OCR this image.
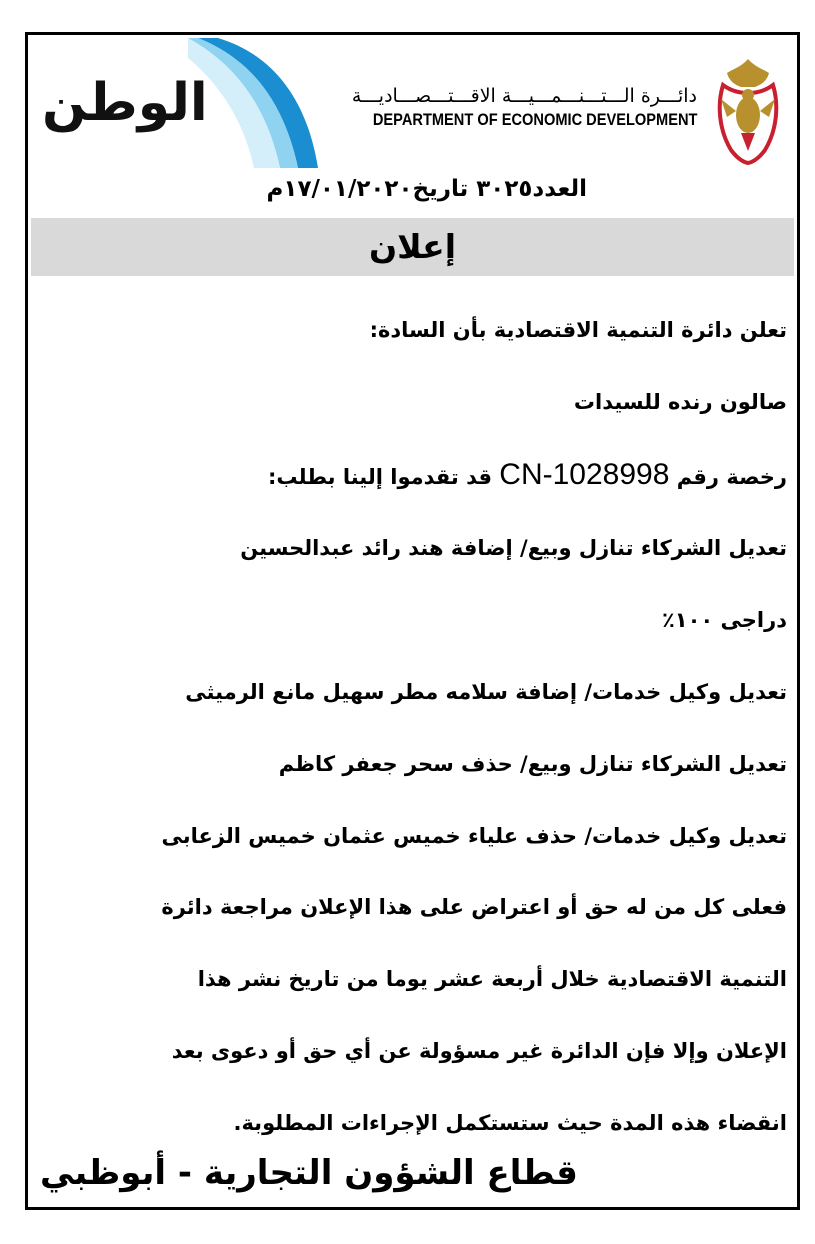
الوطن	دائـــرة الـــتـــنـــمـــيـــة الاقـــتـــصـــاديـــة
DEPARTMENT OF ECONOMIC DEVELOPMENT
العدد٣٠٢٥ تاريخ١٧/٠١/٢٠٢٠م
إعلان
تعلن دائرة التنمية الاقتصادية بأن السادة:
صالون رنده للسيدات
رخصة رقم CN-1028998 قد تقدموا إلينا بطلب:
تعديل الشركاء تنازل وبيع/ إضافة هند رائد عبدالحسين
دراجى ١٠٠٪
تعديل وكيل خدمات/ إضافة سلامه مطر سهيل مانع الرميثى
تعديل الشركاء تنازل وبيع/ حذف سحر جعفر كاظم
تعديل وكيل خدمات/ حذف علياء خميس عثمان خميس الزعابى
فعلى كل من له حق أو اعتراض على هذا الإعلان مراجعة دائرة
التنمية الاقتصادية خلال أربعة عشر يوما من تاريخ نشر هذا
الإعلان وإلا فإن الدائرة غير مسؤولة عن أي حق أو دعوى بعد
انقضاء هذه المدة حيث ستستكمل الإجراءات المطلوبة.
قطاع الشؤون التجارية - أبوظبي
